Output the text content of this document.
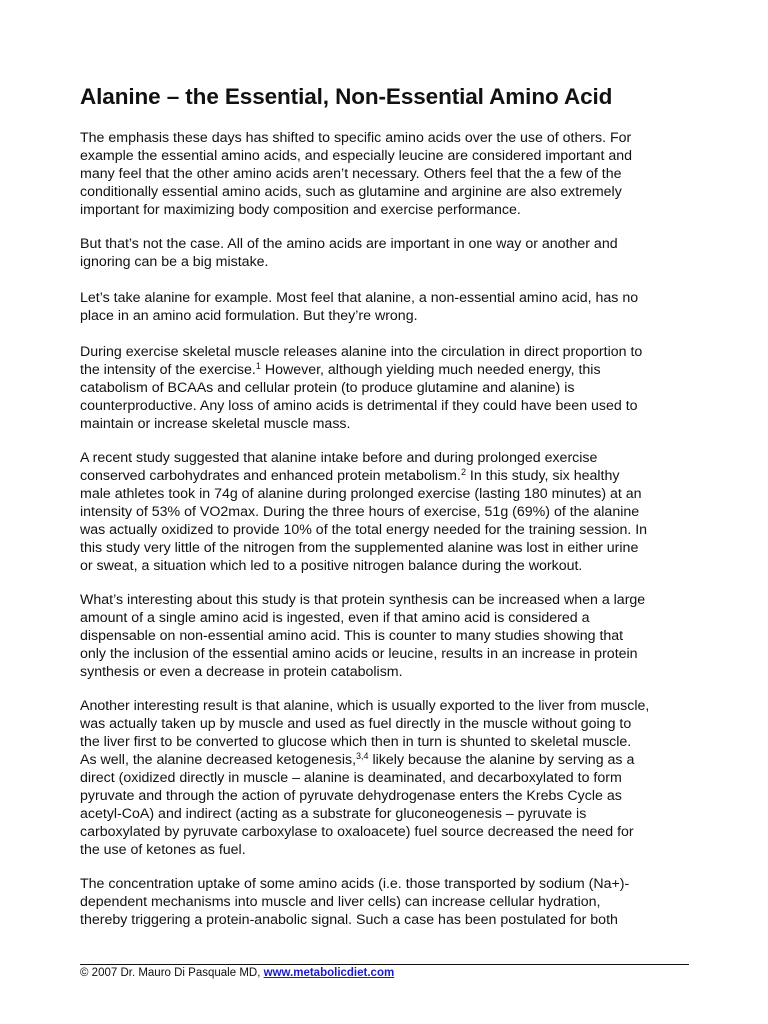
Alanine – the Essential, Non-Essential Amino Acid
The emphasis these days has shifted to specific amino acids over the use of others. For
example the essential amino acids, and especially leucine are considered important and
many feel that the other amino acids aren’t necessary. Others feel that the a few of the
conditionally essential amino acids, such as glutamine and arginine are also extremely
important for maximizing body composition and exercise performance.
But that’s not the case. All of the amino acids are important in one way or another and
ignoring can be a big mistake.
Let’s take alanine for example. Most feel that alanine, a non-essential amino acid, has no
place in an amino acid formulation. But they’re wrong.
During exercise skeletal muscle releases alanine into the circulation in direct proportion to
the intensity of the exercise.$^1$ However, although yielding much needed energy, this
catabolism of BCAAs and cellular protein (to produce glutamine and alanine) is
counterproductive. Any loss of amino acids is detrimental if they could have been used to
maintain or increase skeletal muscle mass.
A recent study suggested that alanine intake before and during prolonged exercise
conserved carbohydrates and enhanced protein metabolism.$^2$ In this study, six healthy
male athletes took in 74g of alanine during prolonged exercise (lasting 180 minutes) at an
intensity of 53% of VO2max. During the three hours of exercise, 51g (69%) of the alanine
was actually oxidized to provide 10% of the total energy needed for the training session. In
this study very little of the nitrogen from the supplemented alanine was lost in either urine
or sweat, a situation which led to a positive nitrogen balance during the workout.
What’s interesting about this study is that protein synthesis can be increased when a large
amount of a single amino acid is ingested, even if that amino acid is considered a
dispensable on non-essential amino acid. This is counter to many studies showing that
only the inclusion of the essential amino acids or leucine, results in an increase in protein
synthesis or even a decrease in protein catabolism.
Another interesting result is that alanine, which is usually exported to the liver from muscle,
was actually taken up by muscle and used as fuel directly in the muscle without going to
the liver first to be converted to glucose which then in turn is shunted to skeletal muscle.
As well, the alanine decreased ketogenesis,$^{3,4}$ likely because the alanine by serving as a
direct (oxidized directly in muscle – alanine is deaminated, and decarboxylated to form
pyruvate and through the action of pyruvate dehydrogenase enters the Krebs Cycle as
acetyl-CoA) and indirect (acting as a substrate for gluconeogenesis – pyruvate is
carboxylated by pyruvate carboxylase to oxaloacete) fuel source decreased the need for
the use of ketones as fuel.
The concentration uptake of some amino acids (i.e. those transported by sodium (Na+)-
dependent mechanisms into muscle and liver cells) can increase cellular hydration,
thereby triggering a protein-anabolic signal. Such a case has been postulated for both
© 2007 Dr. Mauro Di Pasquale MD, www.metabolicdiet.com
